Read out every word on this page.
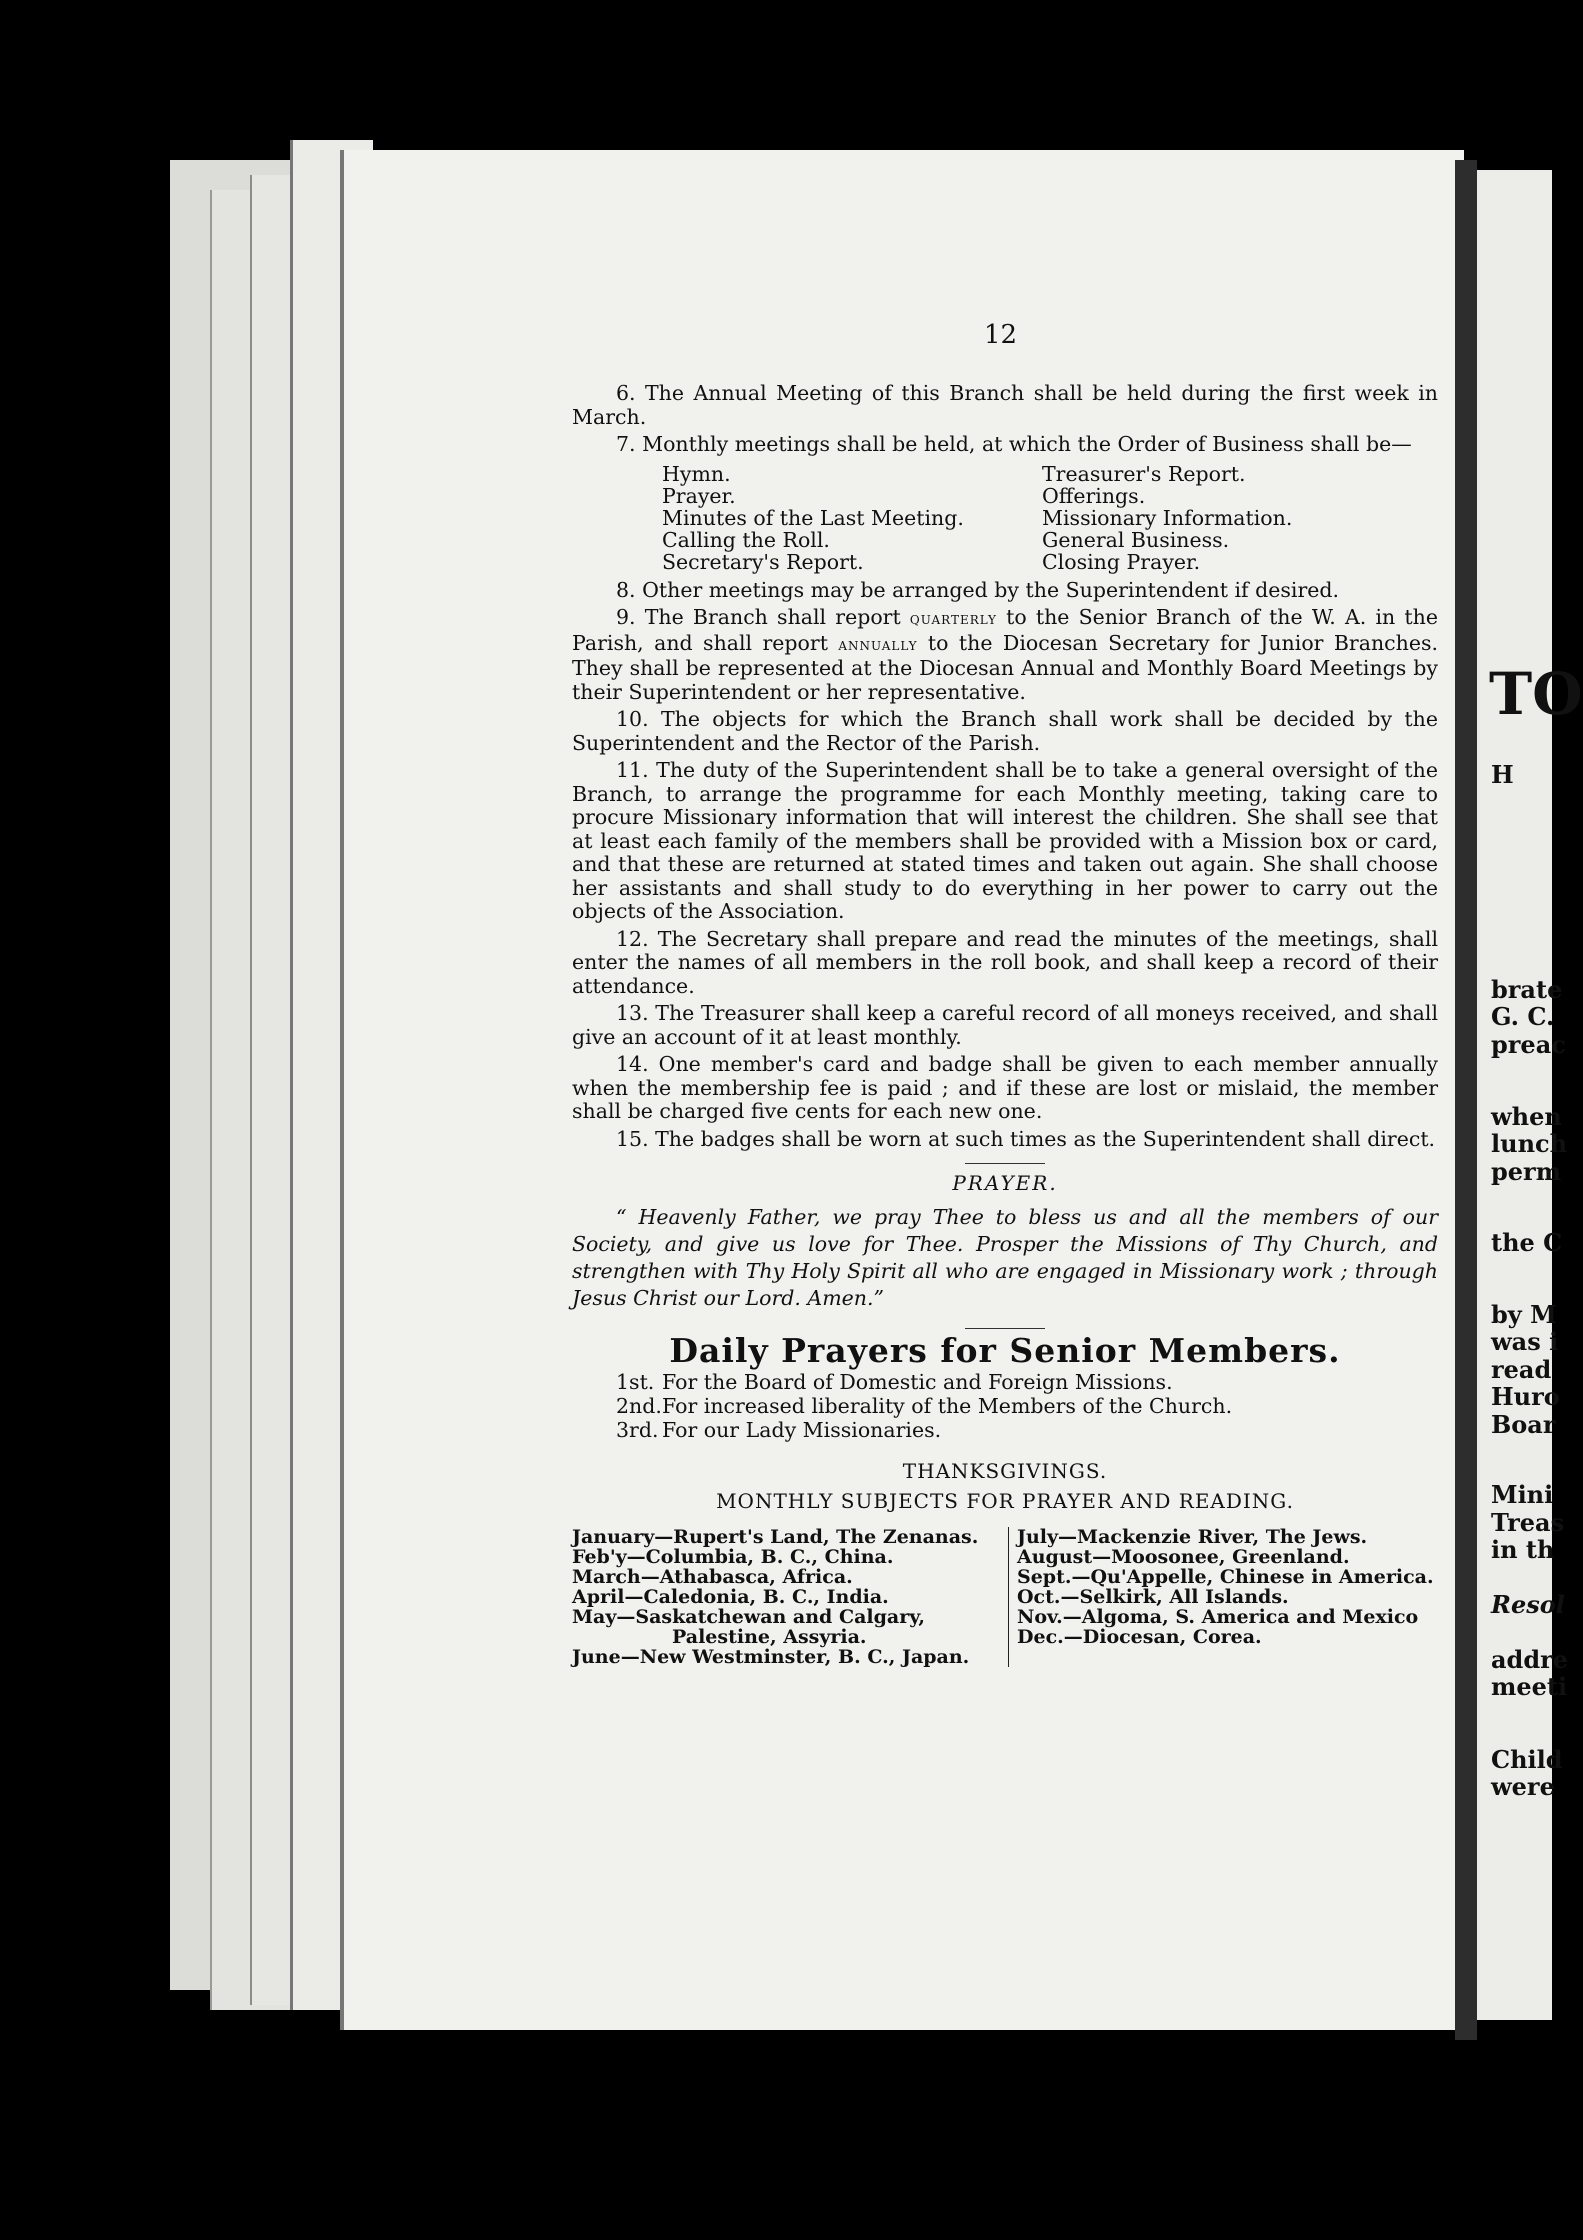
TO
H
brate
G. C.
preac
when
lunch
perm
the C
by M
was i
read
Huro
Boar
Mini
Treas
in th
Resol
addre
meeti
Child
were
12

6. The Annual Meeting of this Branch shall be held during the first week in March.

7. Monthly meetings shall be held, at which the Order of Business shall be—

Hymn.	Treasurer's Report.
Prayer.	Offerings.
Minutes of the Last Meeting.	Missionary Information.
Calling the Roll.	General Business.
Secretary's Report.	Closing Prayer.

8. Other meetings may be arranged by the Superintendent if desired.

9. The Branch shall report quarterly to the Senior Branch of the W. A. in the Parish, and shall report annually to the Diocesan Secretary for Junior Branches. They shall be represented at the Diocesan Annual and Monthly Board Meetings by their Superintendent or her representative.

10. The objects for which the Branch shall work shall be decided by the Superintendent and the Rector of the Parish.

11. The duty of the Superintendent shall be to take a general oversight of the Branch, to arrange the programme for each Monthly meeting, taking care to procure Missionary information that will interest the children. She shall see that at least each family of the members shall be provided with a Mission box or card, and that these are returned at stated times and taken out again. She shall choose her assistants and shall study to do everything in her power to carry out the objects of the Association.

12. The Secretary shall prepare and read the minutes of the meetings, shall enter the names of all members in the roll book, and shall keep a record of their attendance.

13. The Treasurer shall keep a careful record of all moneys received, and shall give an account of it at least monthly.

14. One member's card and badge shall be given to each member annually when the membership fee is paid ; and if these are lost or mislaid, the member shall be charged five cents for each new one.

15. The badges shall be worn at such times as the Superintendent shall direct.

PRAYER.

“ Heavenly Father, we pray Thee to bless us and all the members of our Society, and give us love for Thee. Prosper the Missions of Thy Church, and strengthen with Thy Holy Spirit all who are engaged in Missionary work ; through Jesus Christ our Lord. Amen.”

Daily Prayers for Senior Members.
1st. For the Board of Domestic and Foreign Missions.
2nd. For increased liberality of the Members of the Church.
3rd. For our Lady Missionaries.
THANKSGIVINGS.
MONTHLY SUBJECTS FOR PRAYER AND READING.
January—Rupert's Land, The Zenanas.
Feb'y—Columbia, B. C., China.
March—Athabasca, Africa.
April—Caledonia, B. C., India.
May—Saskatchewan and Calgary,
Palestine, Assyria.
June—New Westminster, B. C., Japan.
July—Mackenzie River, The Jews.
August—Moosonee, Greenland.
Sept.—Qu'Appelle, Chinese in America.
Oct.—Selkirk, All Islands.
Nov.—Algoma, S. America and Mexico
Dec.—Diocesan, Corea.
